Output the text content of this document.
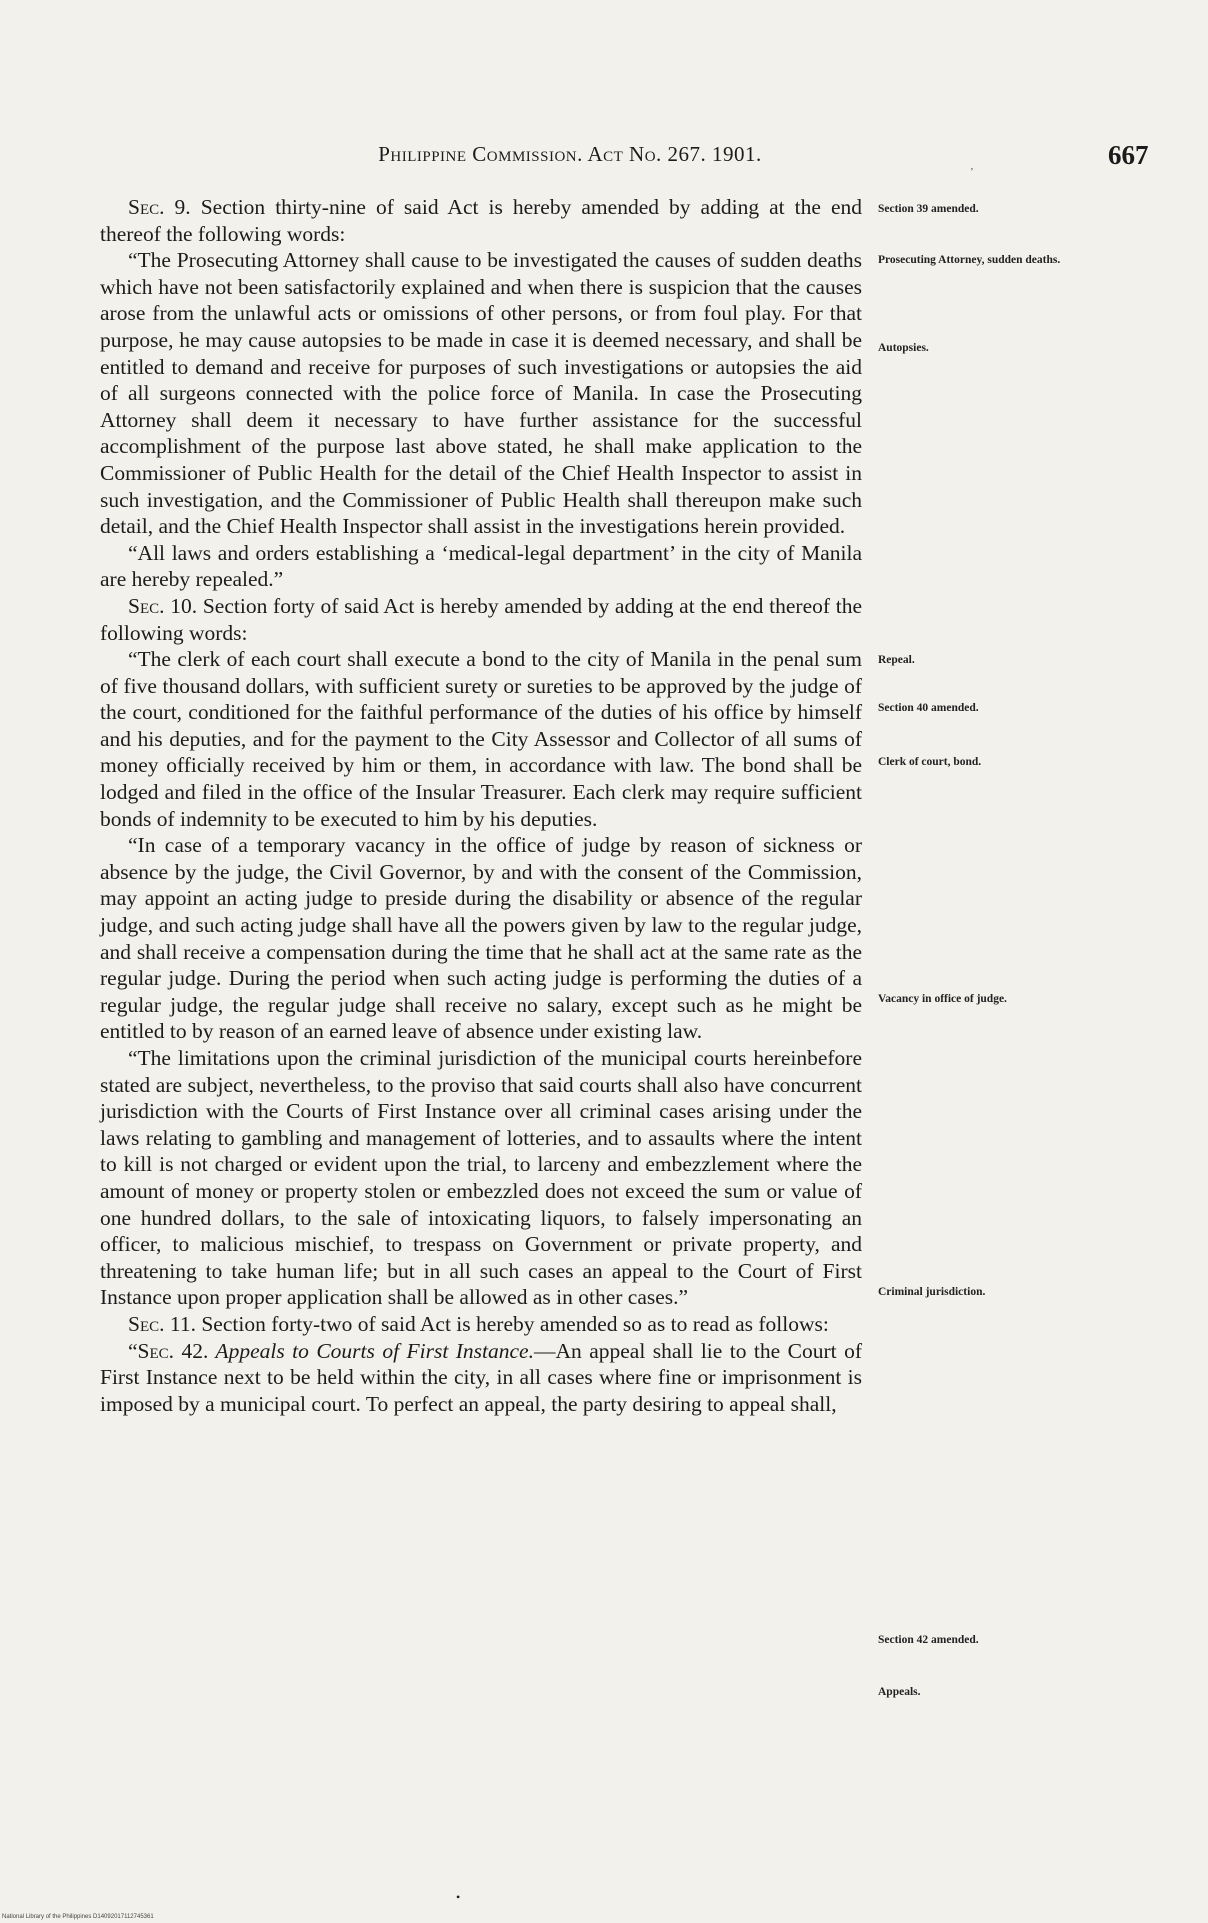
Philippine Commission. Act No. 267. 1901.	667
’

Sec. 9. Section thirty-nine of said Act is hereby amended by adding at the end thereof the following words:

“The Prosecuting Attorney shall cause to be investigated the causes of sudden deaths which have not been satisfactorily explained and when there is suspicion that the causes arose from the unlawful acts or omissions of other persons, or from foul play. For that purpose, he may cause autopsies to be made in case it is deemed necessary, and shall be entitled to demand and receive for purposes of such investigations or autopsies the aid of all surgeons connected with the police force of Manila. In case the Prosecuting Attorney shall deem it necessary to have further assistance for the successful accomplishment of the purpose last above stated, he shall make application to the Commissioner of Public Health for the detail of the Chief Health Inspector to assist in such investigation, and the Commissioner of Public Health shall thereupon make such detail, and the Chief Health Inspector shall assist in the investigations herein provided.

“All laws and orders establishing a ‘medical-legal department’ in the city of Manila are hereby repealed.”

Sec. 10. Section forty of said Act is hereby amended by adding at the end thereof the following words:

“The clerk of each court shall execute a bond to the city of Manila in the penal sum of five thousand dollars, with sufficient surety or sureties to be approved by the judge of the court, conditioned for the faithful performance of the duties of his office by himself and his deputies, and for the payment to the City Assessor and Collector of all sums of money officially received by him or them, in accordance with law. The bond shall be lodged and filed in the office of the Insular Treasurer. Each clerk may require sufficient bonds of indemnity to be executed to him by his deputies.

“In case of a temporary vacancy in the office of judge by reason of sickness or absence by the judge, the Civil Governor, by and with the consent of the Commission, may appoint an acting judge to preside during the disability or absence of the regular judge, and such acting judge shall have all the powers given by law to the regular judge, and shall receive a compensation during the time that he shall act at the same rate as the regular judge. During the period when such acting judge is performing the duties of a regular judge, the regular judge shall receive no salary, except such as he might be entitled to by reason of an earned leave of absence under existing law.

“The limitations upon the criminal jurisdiction of the municipal courts hereinbefore stated are subject, nevertheless, to the proviso that said courts shall also have concurrent jurisdiction with the Courts of First Instance over all criminal cases arising under the laws relating to gambling and management of lotteries, and to assaults where the intent to kill is not charged or evident upon the trial, to larceny and embezzlement where the amount of money or property stolen or embezzled does not exceed the sum or value of one hundred dollars, to the sale of intoxicating liquors, to falsely impersonating an officer, to malicious mischief, to trespass on Government or private property, and threatening to take human life; but in all such cases an appeal to the Court of First Instance upon proper application shall be allowed as in other cases.”

Sec. 11. Section forty-two of said Act is hereby amended so as to read as follows:

“Sec. 42. Appeals to Courts of First Instance.—An appeal shall lie to the Court of First Instance next to be held within the city, in all cases where fine or imprisonment is imposed by a municipal court. To perfect an appeal, the party desiring to appeal shall,

Section 39 amended.
Prosecuting Attorney, sudden deaths.
Autopsies.
Repeal.
Section 40 amended.
Clerk of court, bond.
Vacancy in office of judge.
Criminal jurisdiction.
Section 42 amended.
Appeals.
•
National Library of the Philippines D14092017112745361
